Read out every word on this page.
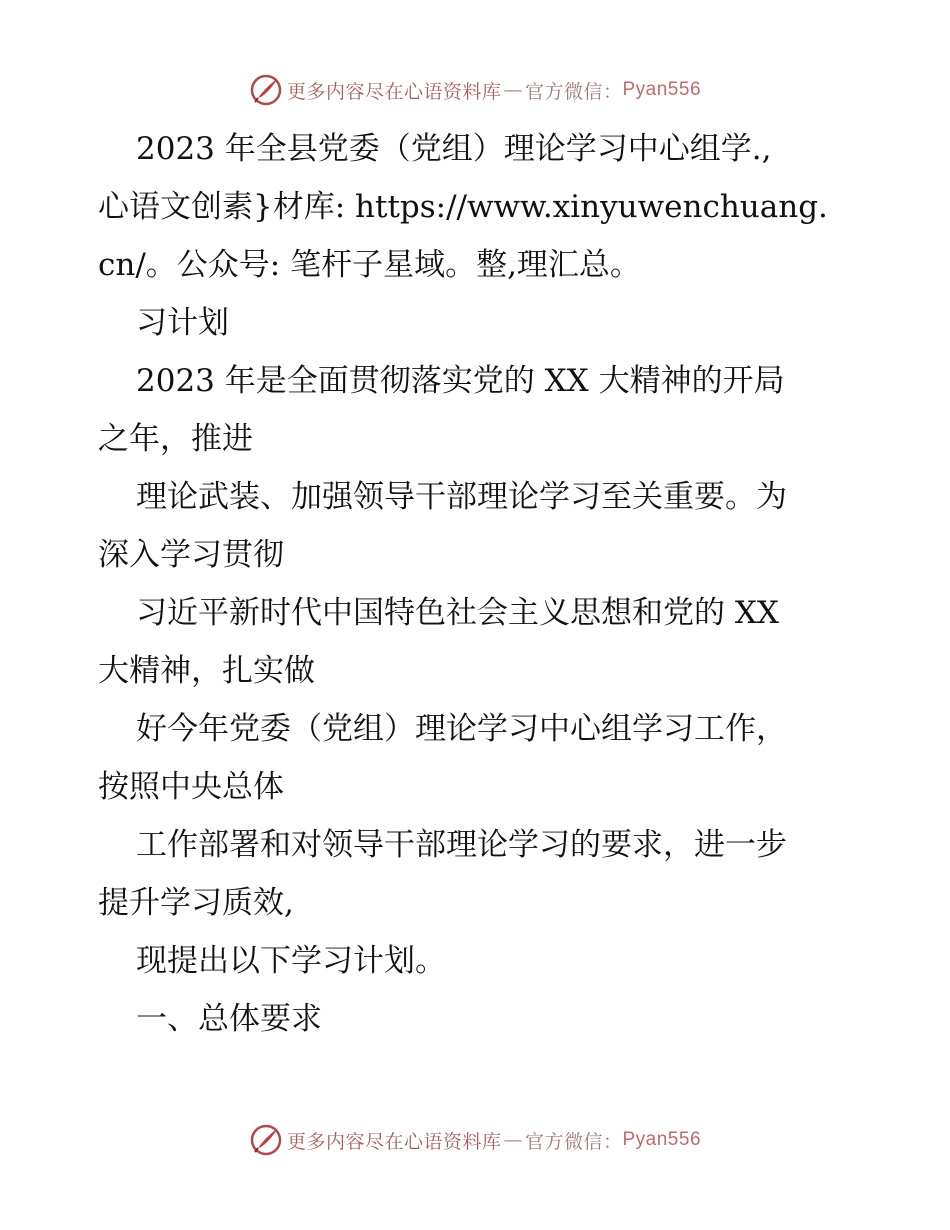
更多内容尽在心语资料库 — 官方微信： Pyan556

2023 年全县党委（党组）理论学习中心组学.,

心语文创素}材库: https://www.xinyuwenchuang.

cn/。公众号: 笔杆子星域。整,理汇总。

习计划

2023 年是全面贯彻落实党的 XX 大精神的开局

之年，推进

理论武装、加强领导干部理论学习至关重要。为

深入学习贯彻

习近平新时代中国特色社会主义思想和党的 XX

大精神，扎实做

好今年党委（党组）理论学习中心组学习工作，

按照中央总体

工作部署和对领导干部理论学习的要求，进一步

提升学习质效,

现提出以下学习计划。

一、总体要求

更多内容尽在心语资料库 — 官方微信： Pyan556
